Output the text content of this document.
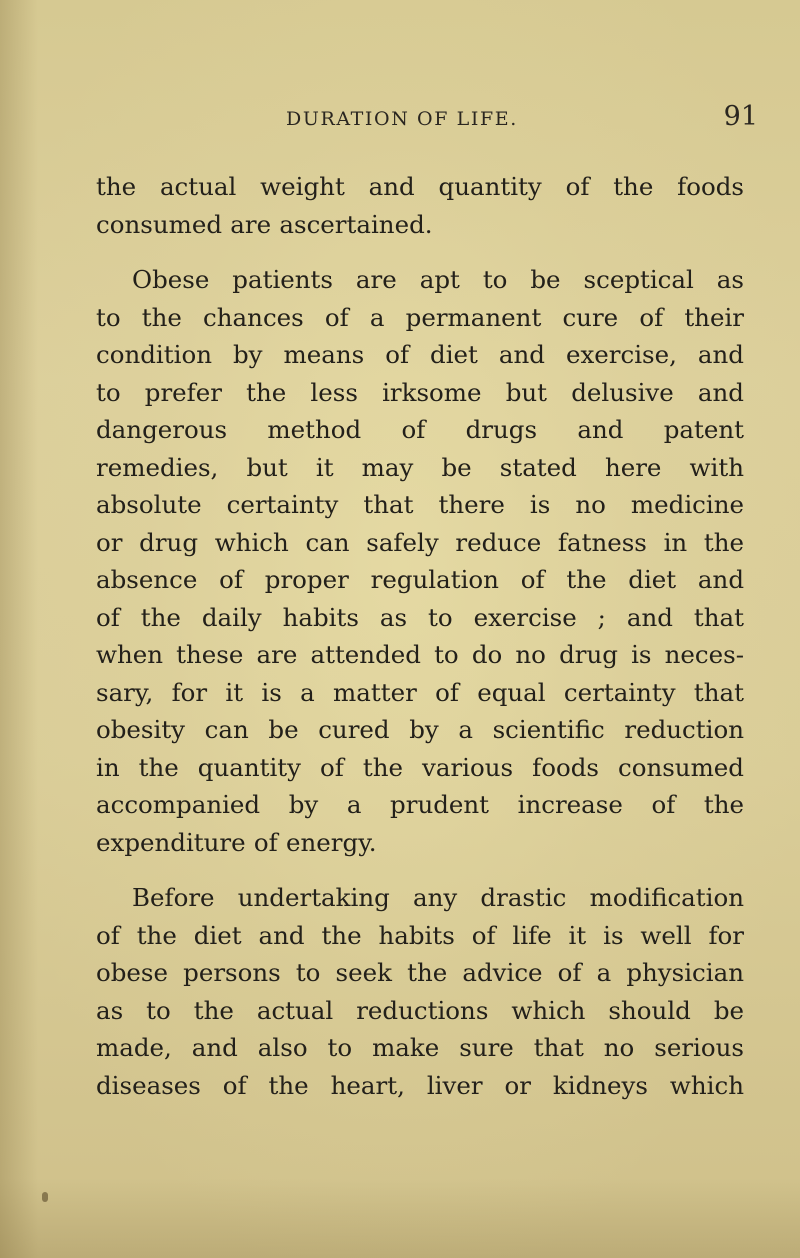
DURATION OF LIFE.	91
the actual weight and quantity of the foods
consumed are ascertained.
Obese patients are apt to be sceptical as
to the chances of a permanent cure of their
condition by means of diet and exercise, and
to prefer the less irksome but delusive and
dangerous method of drugs and patent
remedies, but it may be stated here with
absolute certainty that there is no medicine
or drug which can safely reduce fatness in the
absence of proper regulation of the diet and
of the daily habits as to exercise ; and that
when these are attended to do no drug is neces-
sary, for it is a matter of equal certainty that
obesity can be cured by a scientific reduction
in the quantity of the various foods consumed
accompanied by a prudent increase of the
expenditure of energy.
Before undertaking any drastic modification
of the diet and the habits of life it is well for
obese persons to seek the advice of a physician
as to the actual reductions which should be
made, and also to make sure that no serious
diseases of the heart, liver or kidneys which
